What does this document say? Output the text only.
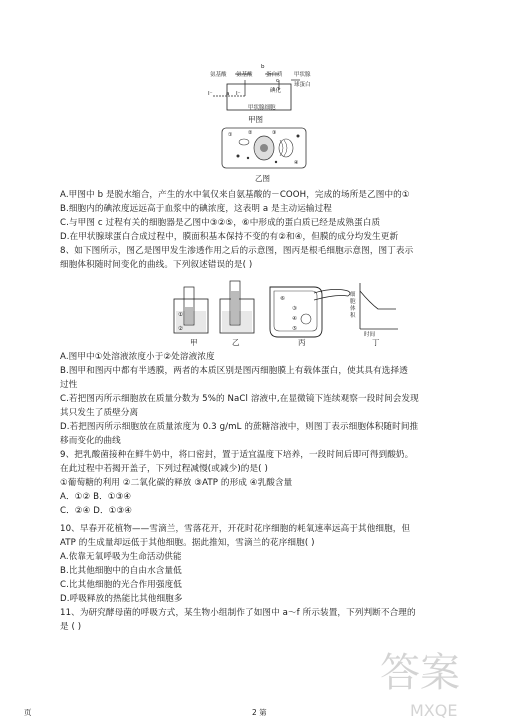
氨基酸 氨基酸
b
蛋白质
c
碘化
甲状腺
球蛋白
I⁻ a I⁻
甲状腺细胞
甲图
①	②	③
④
乙图
A.甲图中 b 是脱水缩合，产生的水中氧仅来自氨基酸的－COOH，完成的场所是乙图中的①
B.细胞内的碘浓度远远高于血浆中的碘浓度，这表明 a 是主动运输过程
C.与甲图 c 过程有关的细胞器是乙图中③②⑤，⑥中形成的蛋白质已经是成熟蛋白质
D.在甲状腺球蛋白合成过程中，膜面积基本保持不变的有②和④，但膜的成分均发生更新
8、如下图所示，图乙是图甲发生渗透作用之后的示意图，图丙是根毛细胞示意图，图丁表示
细胞体积随时间变化的曲线。下列叙述错误的是( )
①
②
③
④
⑤
⑥
细胞体积
时间
甲	乙	丙	丁
A.图甲中①处溶液浓度小于②处溶液浓度
B.图甲和图丙中都有半透膜，两者的本质区别是图丙细胞膜上有载体蛋白，使其具有选择透
过性
C.若把图丙所示细胞放在质量分数为 5%的 NaCl 溶液中,在显微镜下连续观察一段时间会发现
其只发生了质壁分离
D.若把图丙所示细胞放在质量浓度为 0.3 g/mL 的蔗糖溶液中，则图丁表示细胞体积随时间推
移而变化的曲线
9、把乳酸菌接种在鲜牛奶中，将口密封，置于适宜温度下培养，一段时间后即可得到酸奶。
在此过程中若揭开盖子，下列过程减慢(或减少)的是( )
①葡萄糖的利用 ②二氧化碳的释放 ③ATP 的形成 ④乳酸含量
A．①② B．①③④
C．②④ D．①③④
10、早春开花植物——雪滴兰，雪落花开，开花时花序细胞的耗氧速率远高于其他细胞，但
ATP 的生成量却远低于其他细胞。据此推知，雪滴兰的花序细胞( )
A.依靠无氧呼吸为生命活动供能
B.比其他细胞中的自由水含量低
C.比其他细胞的光合作用强度低
D.呼吸释放的热能比其他细胞多
11、为研究酵母菌的呼吸方式，某生物小组制作了如图中 a～f 所示装置，下列判断不合理的
是 ( )
答案
MXQE
页	2 第
